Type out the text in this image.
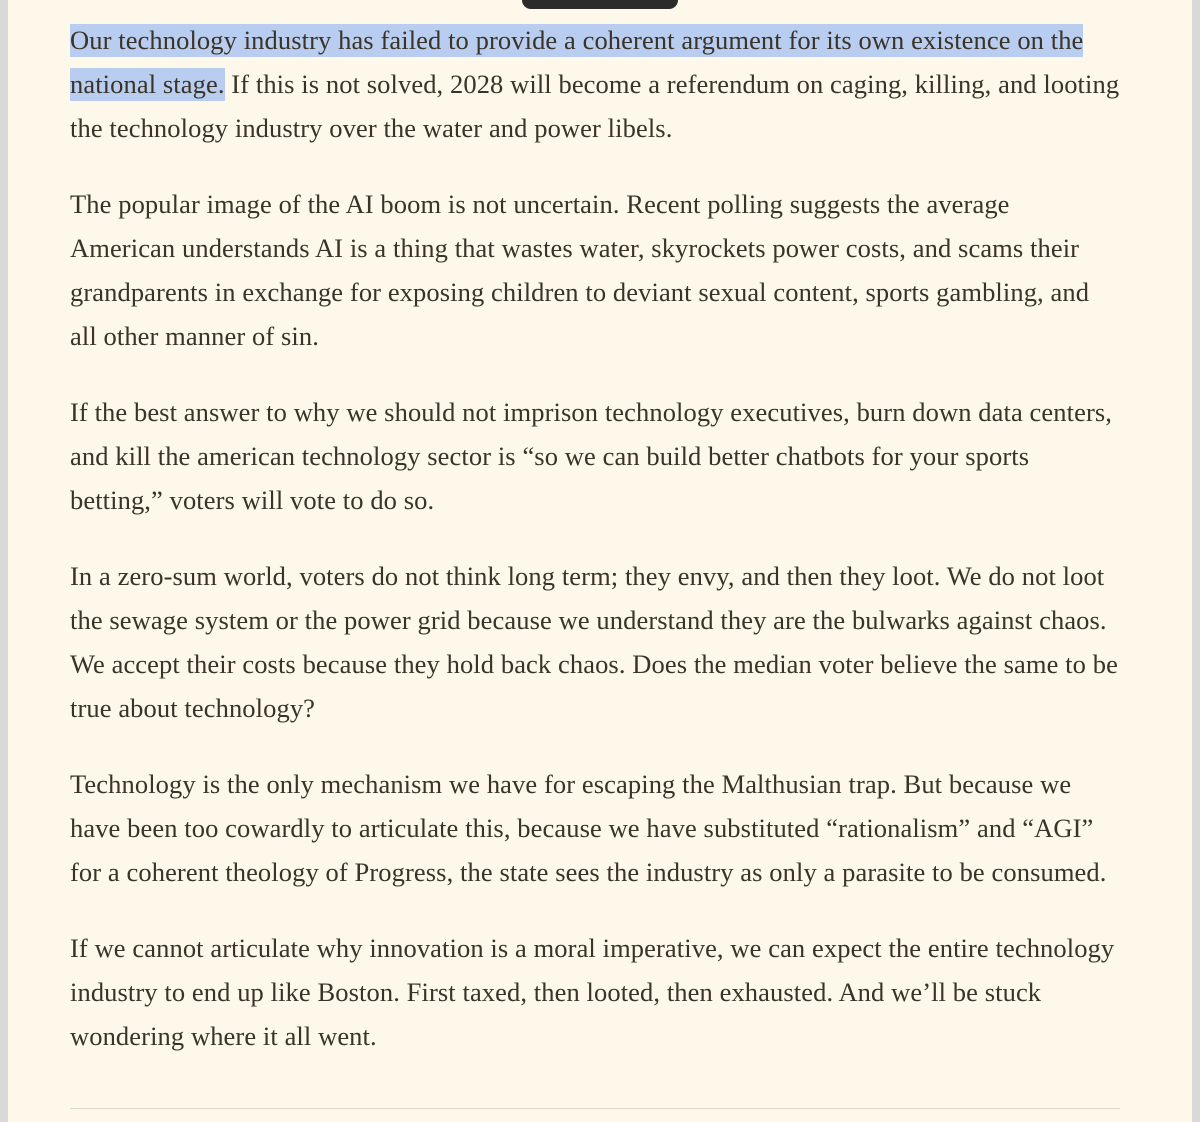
Our technology industry has failed to provide a coherent argument for its own existence on the national stage. If this is not solved, 2028 will become a referendum on caging, killing, and looting the technology industry over the water and power libels.

The popular image of the AI boom is not uncertain. Recent polling suggests the average American understands AI is a thing that wastes water, skyrockets power costs, and scams their grandparents in exchange for exposing children to deviant sexual content, sports gambling, and all other manner of sin.

If the best answer to why we should not imprison technology executives, burn down data centers, and kill the american technology sector is “so we can build better chatbots for your sports betting,” voters will vote to do so.

In a zero-sum world, voters do not think long term; they envy, and then they loot. We do not loot the sewage system or the power grid because we understand they are the bulwarks against chaos. We accept their costs because they hold back chaos. Does the median voter believe the same to be true about technology?

Technology is the only mechanism we have for escaping the Malthusian trap. But because we have been too cowardly to articulate this, because we have substituted “rationalism” and “AGI” for a coherent theology of Progress, the state sees the industry as only a parasite to be consumed.

If we cannot articulate why innovation is a moral imperative, we can expect the entire technology industry to end up like Boston. First taxed, then looted, then exhausted. And we’ll be stuck wondering where it all went.
